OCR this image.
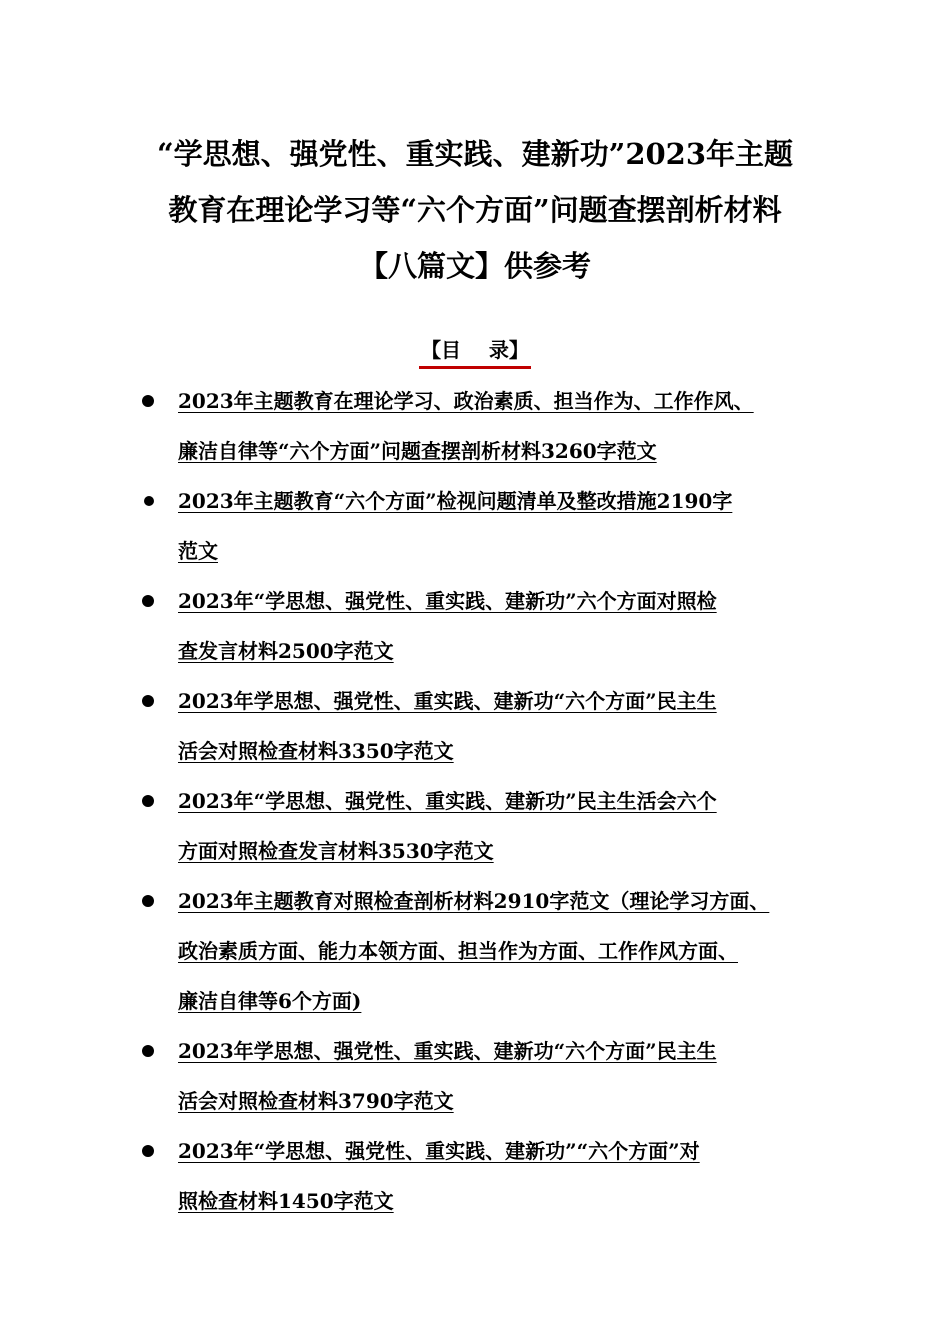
“学思想、强党性、重实践、建新功”2023年主题
教育在理论学习等“六个方面”问题查摆剖析材料
【八篇文】供参考
【目    录】
2023年主题教育在理论学习、政治素质、担当作为、工作作风、
廉洁自律等“六个方面”问题查摆剖析材料3260字范文
2023年主题教育“六个方面”检视问题清单及整改措施2190字
范文
2023年“学思想、强党性、重实践、建新功”六个方面对照检
查发言材料2500字范文
2023年学思想、强党性、重实践、建新功“六个方面”民主生
活会对照检查材料3350字范文
2023年“学思想、强党性、重实践、建新功”民主生活会六个
方面对照检查发言材料3530字范文
2023年主题教育对照检查剖析材料2910字范文（理论学习方面、
政治素质方面、能力本领方面、担当作为方面、工作作风方面、
廉洁自律等6个方面)
2023年学思想、强党性、重实践、建新功“六个方面”民主生
活会对照检查材料3790字范文
2023年“学思想、强党性、重实践、建新功”“六个方面”对
照检查材料1450字范文
